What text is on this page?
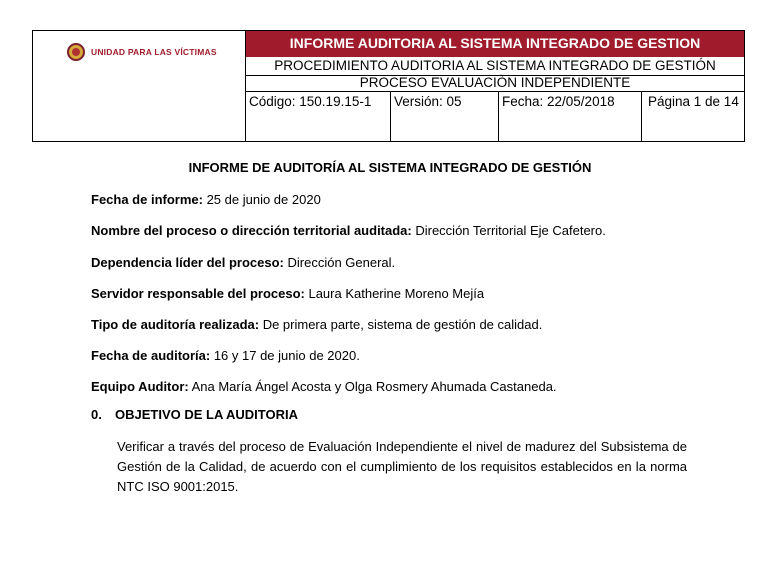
UNIDAD PARA LAS VÍCTIMAS

INFORME AUDITORIA AL SISTEMA INTEGRADO DE GESTION
PROCEDIMIENTO AUDITORIA AL SISTEMA INTEGRADO DE GESTIÓN
PROCESO EVALUACIÒN INDEPENDIENTE
Código: 150.19.15-1	Versión: 05	Fecha: 22/05/2018	Página 1 de 14
INFORME DE AUDITORÍA AL SISTEMA INTEGRADO DE GESTIÓN
Fecha de informe: 25 de junio de 2020
Nombre del proceso o dirección territorial auditada: Dirección Territorial Eje Cafetero.
Dependencia líder del proceso: Dirección General.
Servidor responsable del proceso: Laura Katherine Moreno Mejía
Tipo de auditoría realizada: De primera parte, sistema de gestión de calidad.
Fecha de auditoría: 16 y 17 de junio de 2020.
Equipo Auditor: Ana María Ángel Acosta y Olga Rosmery Ahumada Castaneda.
0. OBJETIVO DE LA AUDITORIA
Verificar a través del proceso de Evaluación Independiente el nivel de madurez del Subsistema de Gestión de la Calidad, de acuerdo con el cumplimiento de los requisitos establecidos en la norma NTC ISO 9001:2015.
